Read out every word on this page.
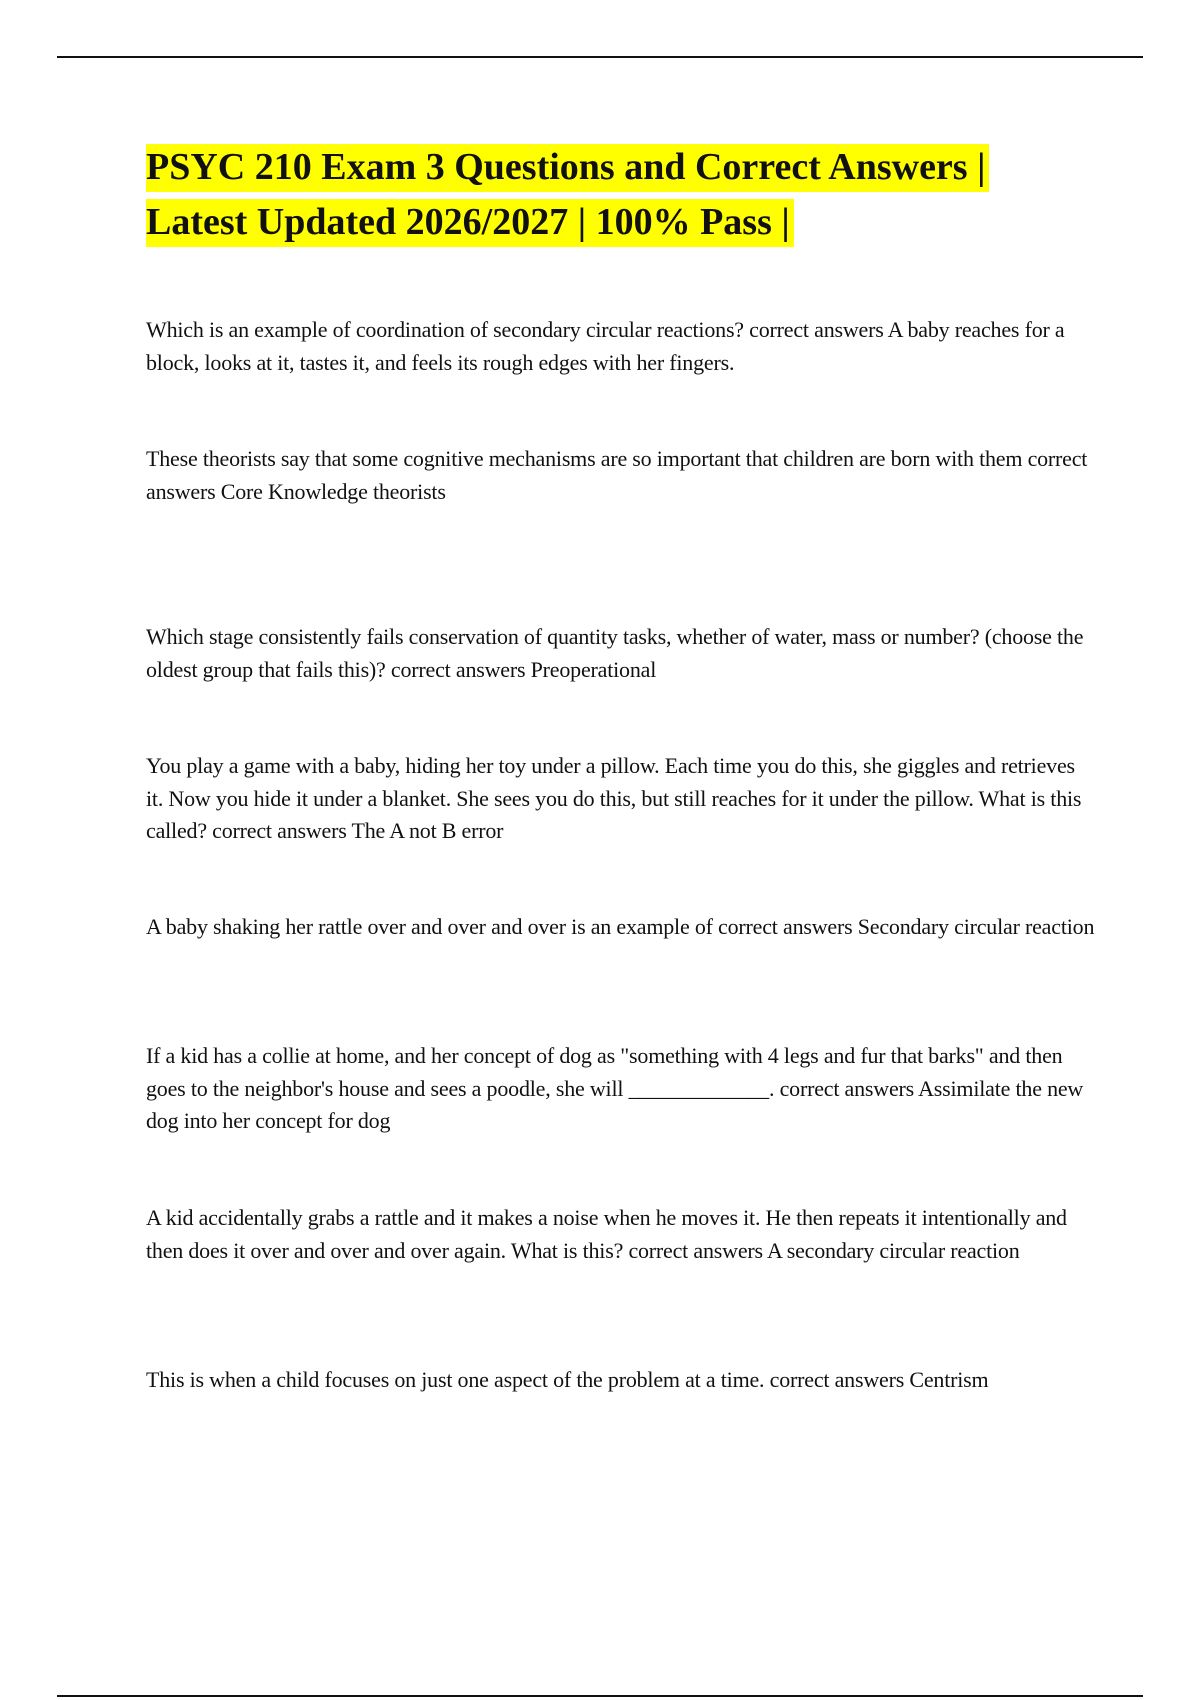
PSYC 210 Exam 3 Questions and Correct Answers |
Latest Updated 2026/2027 | 100% Pass |

Which is an example of coordination of secondary circular reactions? correct answers A baby reaches for a block, looks at it, tastes it, and feels its rough edges with her fingers.

These theorists say that some cognitive mechanisms are so important that children are born with them correct answers Core Knowledge theorists

Which stage consistently fails conservation of quantity tasks, whether of water, mass or number? (choose the oldest group that fails this)? correct answers Preoperational

You play a game with a baby, hiding her toy under a pillow. Each time you do this, she giggles and retrieves it. Now you hide it under a blanket. She sees you do this, but still reaches for it under the pillow. What is this called? correct answers The A not B error

A baby shaking her rattle over and over and over is an example of correct answers Secondary circular reaction

If a kid has a collie at home, and her concept of dog as "something with 4 legs and fur that barks" and then goes to the neighbor's house and sees a poodle, she will _____________. correct answers Assimilate the new dog into her concept for dog

A kid accidentally grabs a rattle and it makes a noise when he moves it. He then repeats it intentionally and then does it over and over and over again. What is this? correct answers A secondary circular reaction

This is when a child focuses on just one aspect of the problem at a time. correct answers Centrism
